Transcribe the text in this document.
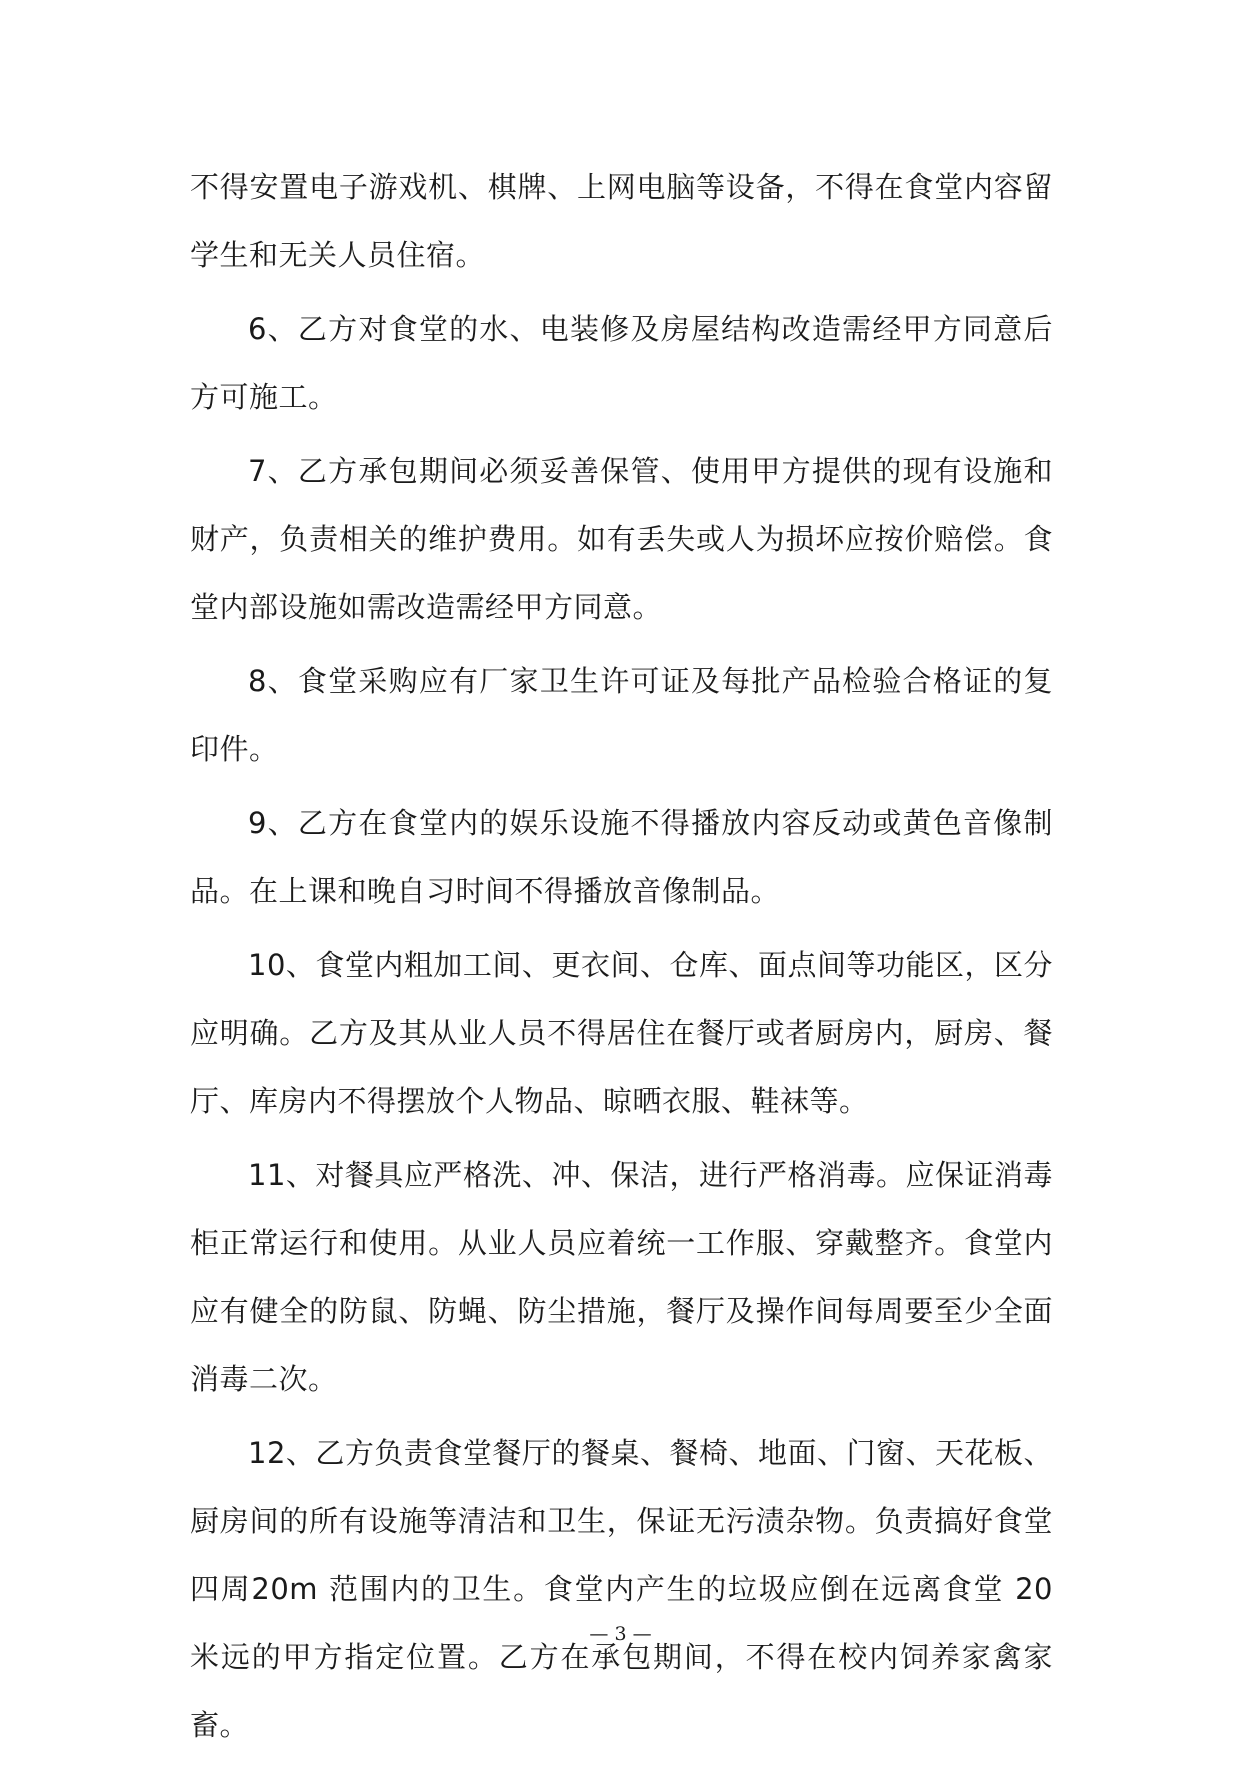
不得安置电子游戏机、棋牌、上网电脑等设备，不得在食堂内容留学生和无关人员住宿。

6、乙方对食堂的水、电装修及房屋结构改造需经甲方同意后方可施工。

7、乙方承包期间必须妥善保管、使用甲方提供的现有设施和财产，负责相关的维护费用。如有丢失或人为损坏应按价赔偿。食堂内部设施如需改造需经甲方同意。

8、食堂采购应有厂家卫生许可证及每批产品检验合格证的复印件。

9、乙方在食堂内的娱乐设施不得播放内容反动或黄色音像制品。在上课和晚自习时间不得播放音像制品。

10、食堂内粗加工间、更衣间、仓库、面点间等功能区，区分应明确。乙方及其从业人员不得居住在餐厅或者厨房内，厨房、餐厅、库房内不得摆放个人物品、晾晒衣服、鞋袜等。

11、对餐具应严格洗、冲、保洁，进行严格消毒。应保证消毒柜正常运行和使用。从业人员应着统一工作服、穿戴整齐。食堂内应有健全的防鼠、防蝇、防尘措施，餐厅及操作间每周要至少全面消毒二次。

12、乙方负责食堂餐厅的餐桌、餐椅、地面、门窗、天花板、厨房间的所有设施等清洁和卫生，保证无污渍杂物。负责搞好食堂四周20m 范围内的卫生。食堂内产生的垃圾应倒在远离食堂 20 米远的甲方指定位置。乙方在承包期间，不得在校内饲养家禽家畜。

— 3 —
